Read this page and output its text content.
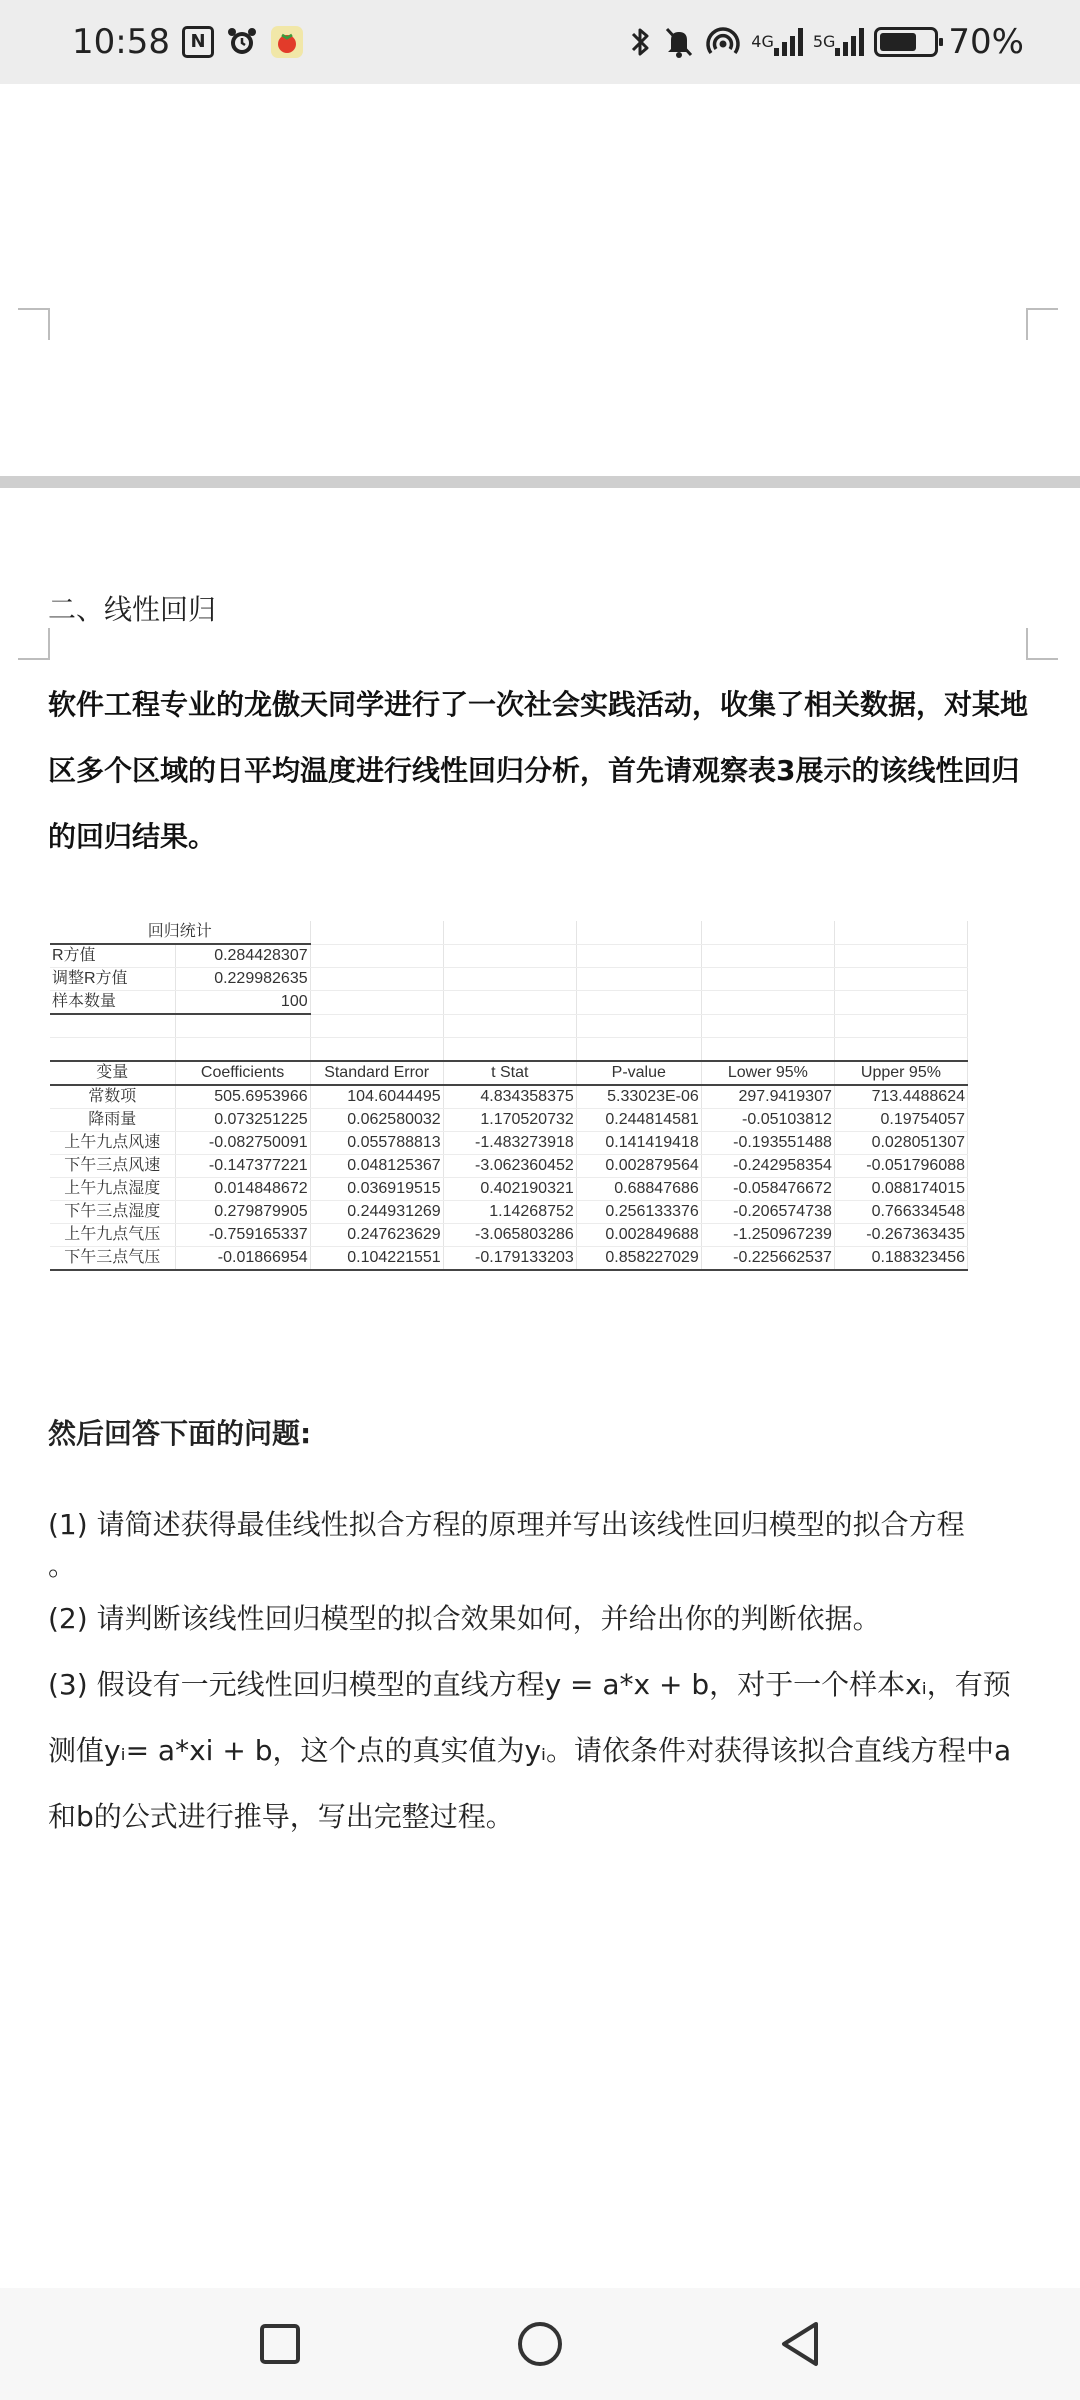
10:58	N	4G 5G	70%
二、线性回归
软件工程专业的龙傲天同学进行了一次社会实践活动，收集了相关数据，对某地区多个区域的日平均温度进行线性回归分析，首先请观察表3展示的该线性回归的回归结果。
回归统计						
R方值	0.284428307					
调整R方值	0.229982635					
样本数量	100					

变量	Coefficients	Standard Error	t Stat	P-value	Lower 95%	Upper 95%
常数项	505.6953966	104.6044495	4.834358375	5.33023E-06	297.9419307	713.4488624
降雨量	0.073251225	0.062580032	1.170520732	0.244814581	-0.05103812	0.19754057
上午九点风速	-0.082750091	0.055788813	-1.483273918	0.141419418	-0.193551488	0.028051307
下午三点风速	-0.147377221	0.048125367	-3.062360452	0.002879564	-0.242958354	-0.051796088
上午九点湿度	0.014848672	0.036919515	0.402190321	0.68847686	-0.058476672	0.088174015
下午三点湿度	0.279879905	0.244931269	1.14268752	0.256133376	-0.206574738	0.766334548
上午九点气压	-0.759165337	0.247623629	-3.065803286	0.002849688	-1.250967239	-0.267363435
下午三点气压	-0.01866954	0.104221551	-0.179133203	0.858227029	-0.225662537	0.188323456
然后回答下面的问题:
(1) 请简述获得最佳线性拟合方程的原理并写出该线性回归模型的拟合方程
。
(2) 请判断该线性回归模型的拟合效果如何，并给出你的判断依据。
(3) 假设有一元线性回归模型的直线方程y = a*x + b，对于一个样本xᵢ，有预测值yᵢ= a*xi + b，这个点的真实值为yᵢ。请依条件对获得该拟合直线方程中a和b的公式进行推导，写出完整过程。
